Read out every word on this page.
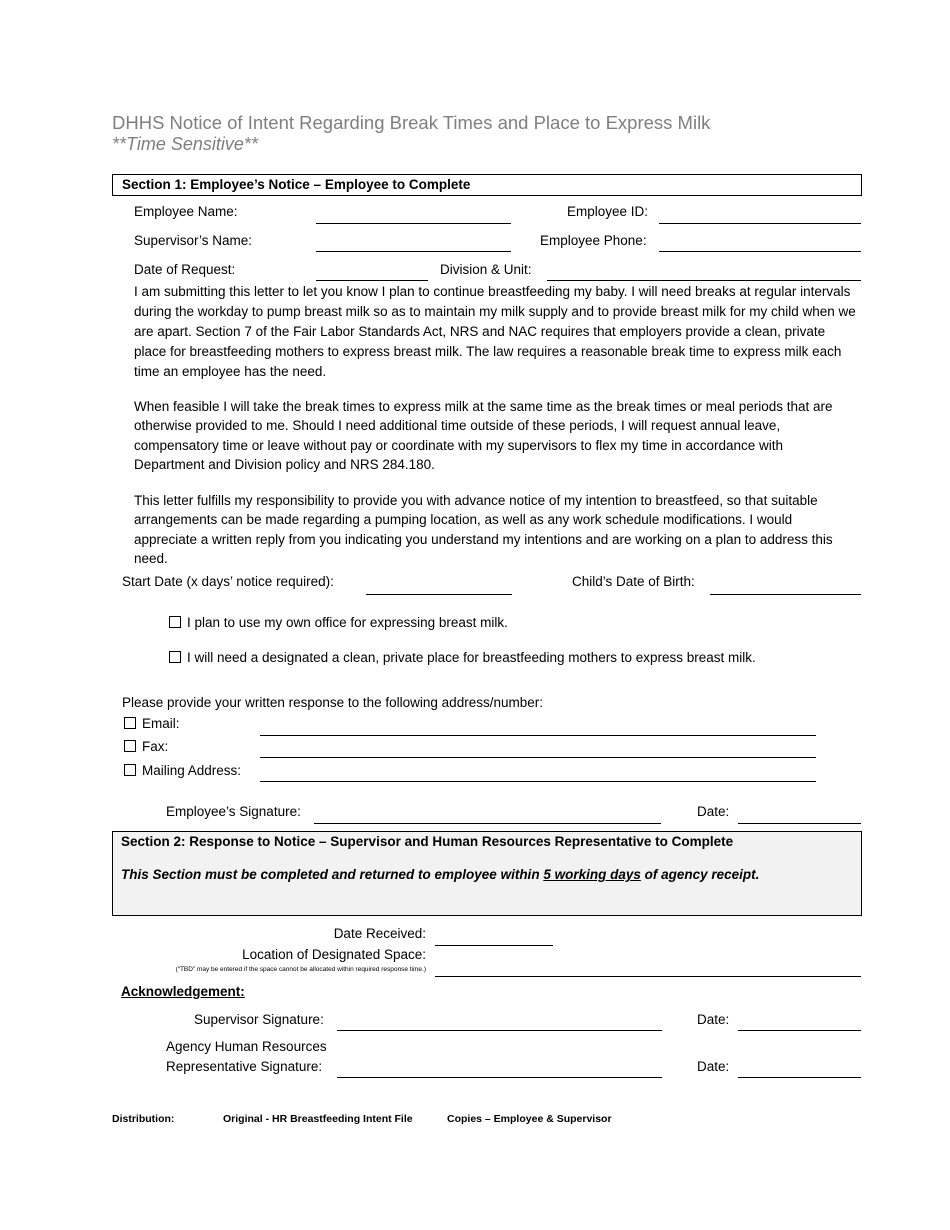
DHHS Notice of Intent Regarding Break Times and Place to Express Milk
**Time Sensitive**
Section 1: Employee’s Notice – Employee to Complete
Employee Name:	Employee ID:
Supervisor’s Name:	Employee Phone:
Date of Request:	Division & Unit:
I am submitting this letter to let you know I plan to continue breastfeeding my baby. I will need breaks at regular intervals during the workday to pump breast milk so as to maintain my milk supply and to provide breast milk for my child when we are apart. Section 7 of the Fair Labor Standards Act, NRS and NAC requires that employers provide a clean, private place for breastfeeding mothers to express breast milk. The law requires a reasonable break time to express milk each time an employee has the need.
When feasible I will take the break times to express milk at the same time as the break times or meal periods that are otherwise provided to me. Should I need additional time outside of these periods, I will request annual leave, compensatory time or leave without pay or coordinate with my supervisors to flex my time in accordance with Department and Division policy and NRS 284.180.
This letter fulfills my responsibility to provide you with advance notice of my intention to breastfeed, so that suitable arrangements can be made regarding a pumping location, as well as any work schedule modifications. I would appreciate a written reply from you indicating you understand my intentions and are working on a plan to address this need.
Start Date (x days’ notice required):	Child’s Date of Birth:
I plan to use my own office for expressing breast milk.
I will need a designated a clean, private place for breastfeeding mothers to express breast milk.
Please provide your written response to the following address/number:
Email:
Fax:
Mailing Address:
Employee’s Signature:	Date:
Section 2: Response to Notice – Supervisor and Human Resources Representative to Complete
This Section must be completed and returned to employee within 5 working days of agency receipt.
Date Received:
Location of Designated Space:
(“TBD” may be entered if the space cannot be allocated within required response time.)
Acknowledgement:
Supervisor Signature:	Date:
Agency Human Resources
Representative Signature:	Date:
Distribution:	Original - HR Breastfeeding Intent File	Copies – Employee & Supervisor
